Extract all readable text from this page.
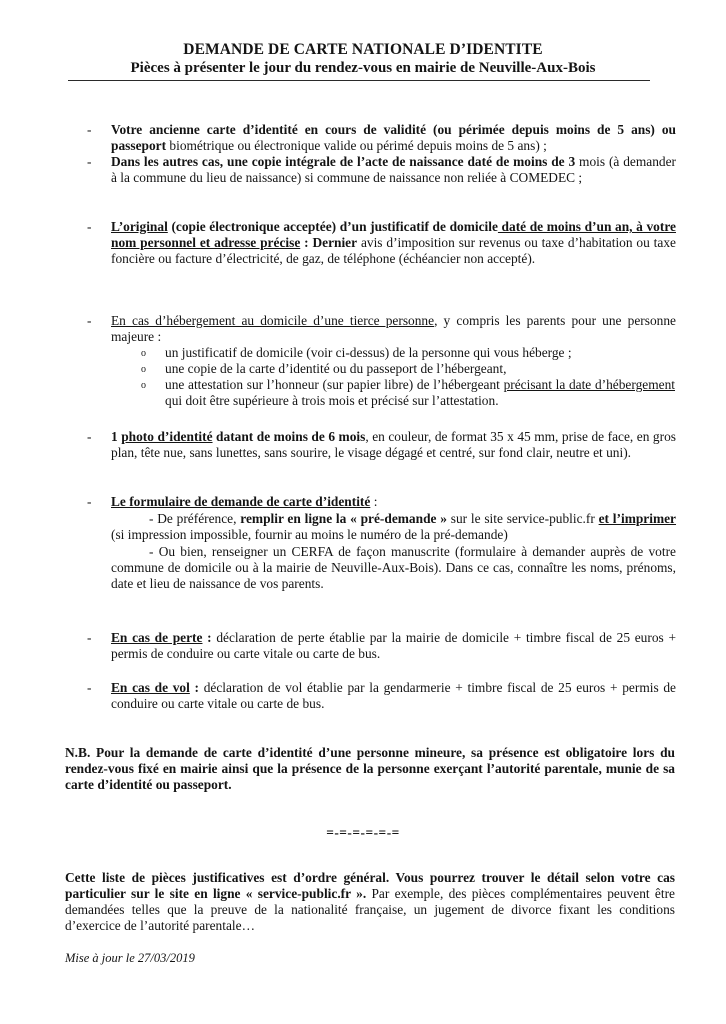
DEMANDE DE CARTE NATIONALE D’IDENTITE
Pièces à présenter le jour du rendez-vous en mairie de Neuville-Aux-Bois
- Votre ancienne carte d’identité en cours de validité (ou périmée depuis moins de 5 ans) ou passeport biométrique ou électronique valide ou périmé depuis moins de 5 ans) ;
- Dans les autres cas, une copie intégrale de l’acte de naissance daté de moins de 3 mois (à demander à la commune du lieu de naissance) si commune de naissance non reliée à COMEDEC ;
- L’original (copie électronique acceptée) d’un justificatif de domicile daté de moins d’un an, à votre nom personnel et adresse précise : Dernier avis d’imposition sur revenus ou taxe d’habitation ou taxe foncière ou facture d’électricité, de gaz, de téléphone (échéancier non accepté).
- En cas d’hébergement au domicile d’une tierce personne, y compris les parents pour une personne majeure :
o un justificatif de domicile (voir ci-dessus) de la personne qui vous héberge ;
o une copie de la carte d’identité ou du passeport de l’hébergeant,
o une attestation sur l’honneur (sur papier libre) de l’hébergeant précisant la date d’hébergement qui doit être supérieure à trois mois et précisé sur l’attestation.
- 1 photo d’identité datant de moins de 6 mois, en couleur, de format 35 x 45 mm, prise de face, en gros plan, tête nue, sans lunettes, sans sourire, le visage dégagé et centré, sur fond clair, neutre et uni).
- Le formulaire de demande de carte d’identité :
- De préférence, remplir en ligne la « pré-demande » sur le site service-public.fr et l’imprimer (si impression impossible, fournir au moins le numéro de la pré-demande)
- Ou bien, renseigner un CERFA de façon manuscrite (formulaire à demander auprès de votre commune de domicile ou à la mairie de Neuville-Aux-Bois). Dans ce cas, connaître les noms, prénoms, date et lieu de naissance de vos parents.
- En cas de perte : déclaration de perte établie par la mairie de domicile + timbre fiscal de 25 euros + permis de conduire ou carte vitale ou carte de bus.
- En cas de vol : déclaration de vol établie par la gendarmerie + timbre fiscal de 25 euros + permis de conduire ou carte vitale ou carte de bus.
N.B. Pour la demande de carte d’identité d’une personne mineure, sa présence est obligatoire lors du rendez-vous fixé en mairie ainsi que la présence de la personne exerçant l’autorité parentale, munie de sa carte d’identité ou passeport.
=-=-=-=-=-=
Cette liste de pièces justificatives est d’ordre général. Vous pourrez trouver le détail selon votre cas particulier sur le site en ligne « service-public.fr ». Par exemple, des pièces complémentaires peuvent être demandées telles que la preuve de la nationalité française, un jugement de divorce fixant les conditions d’exercice de l’autorité parentale…
Mise à jour le 27/03/2019
